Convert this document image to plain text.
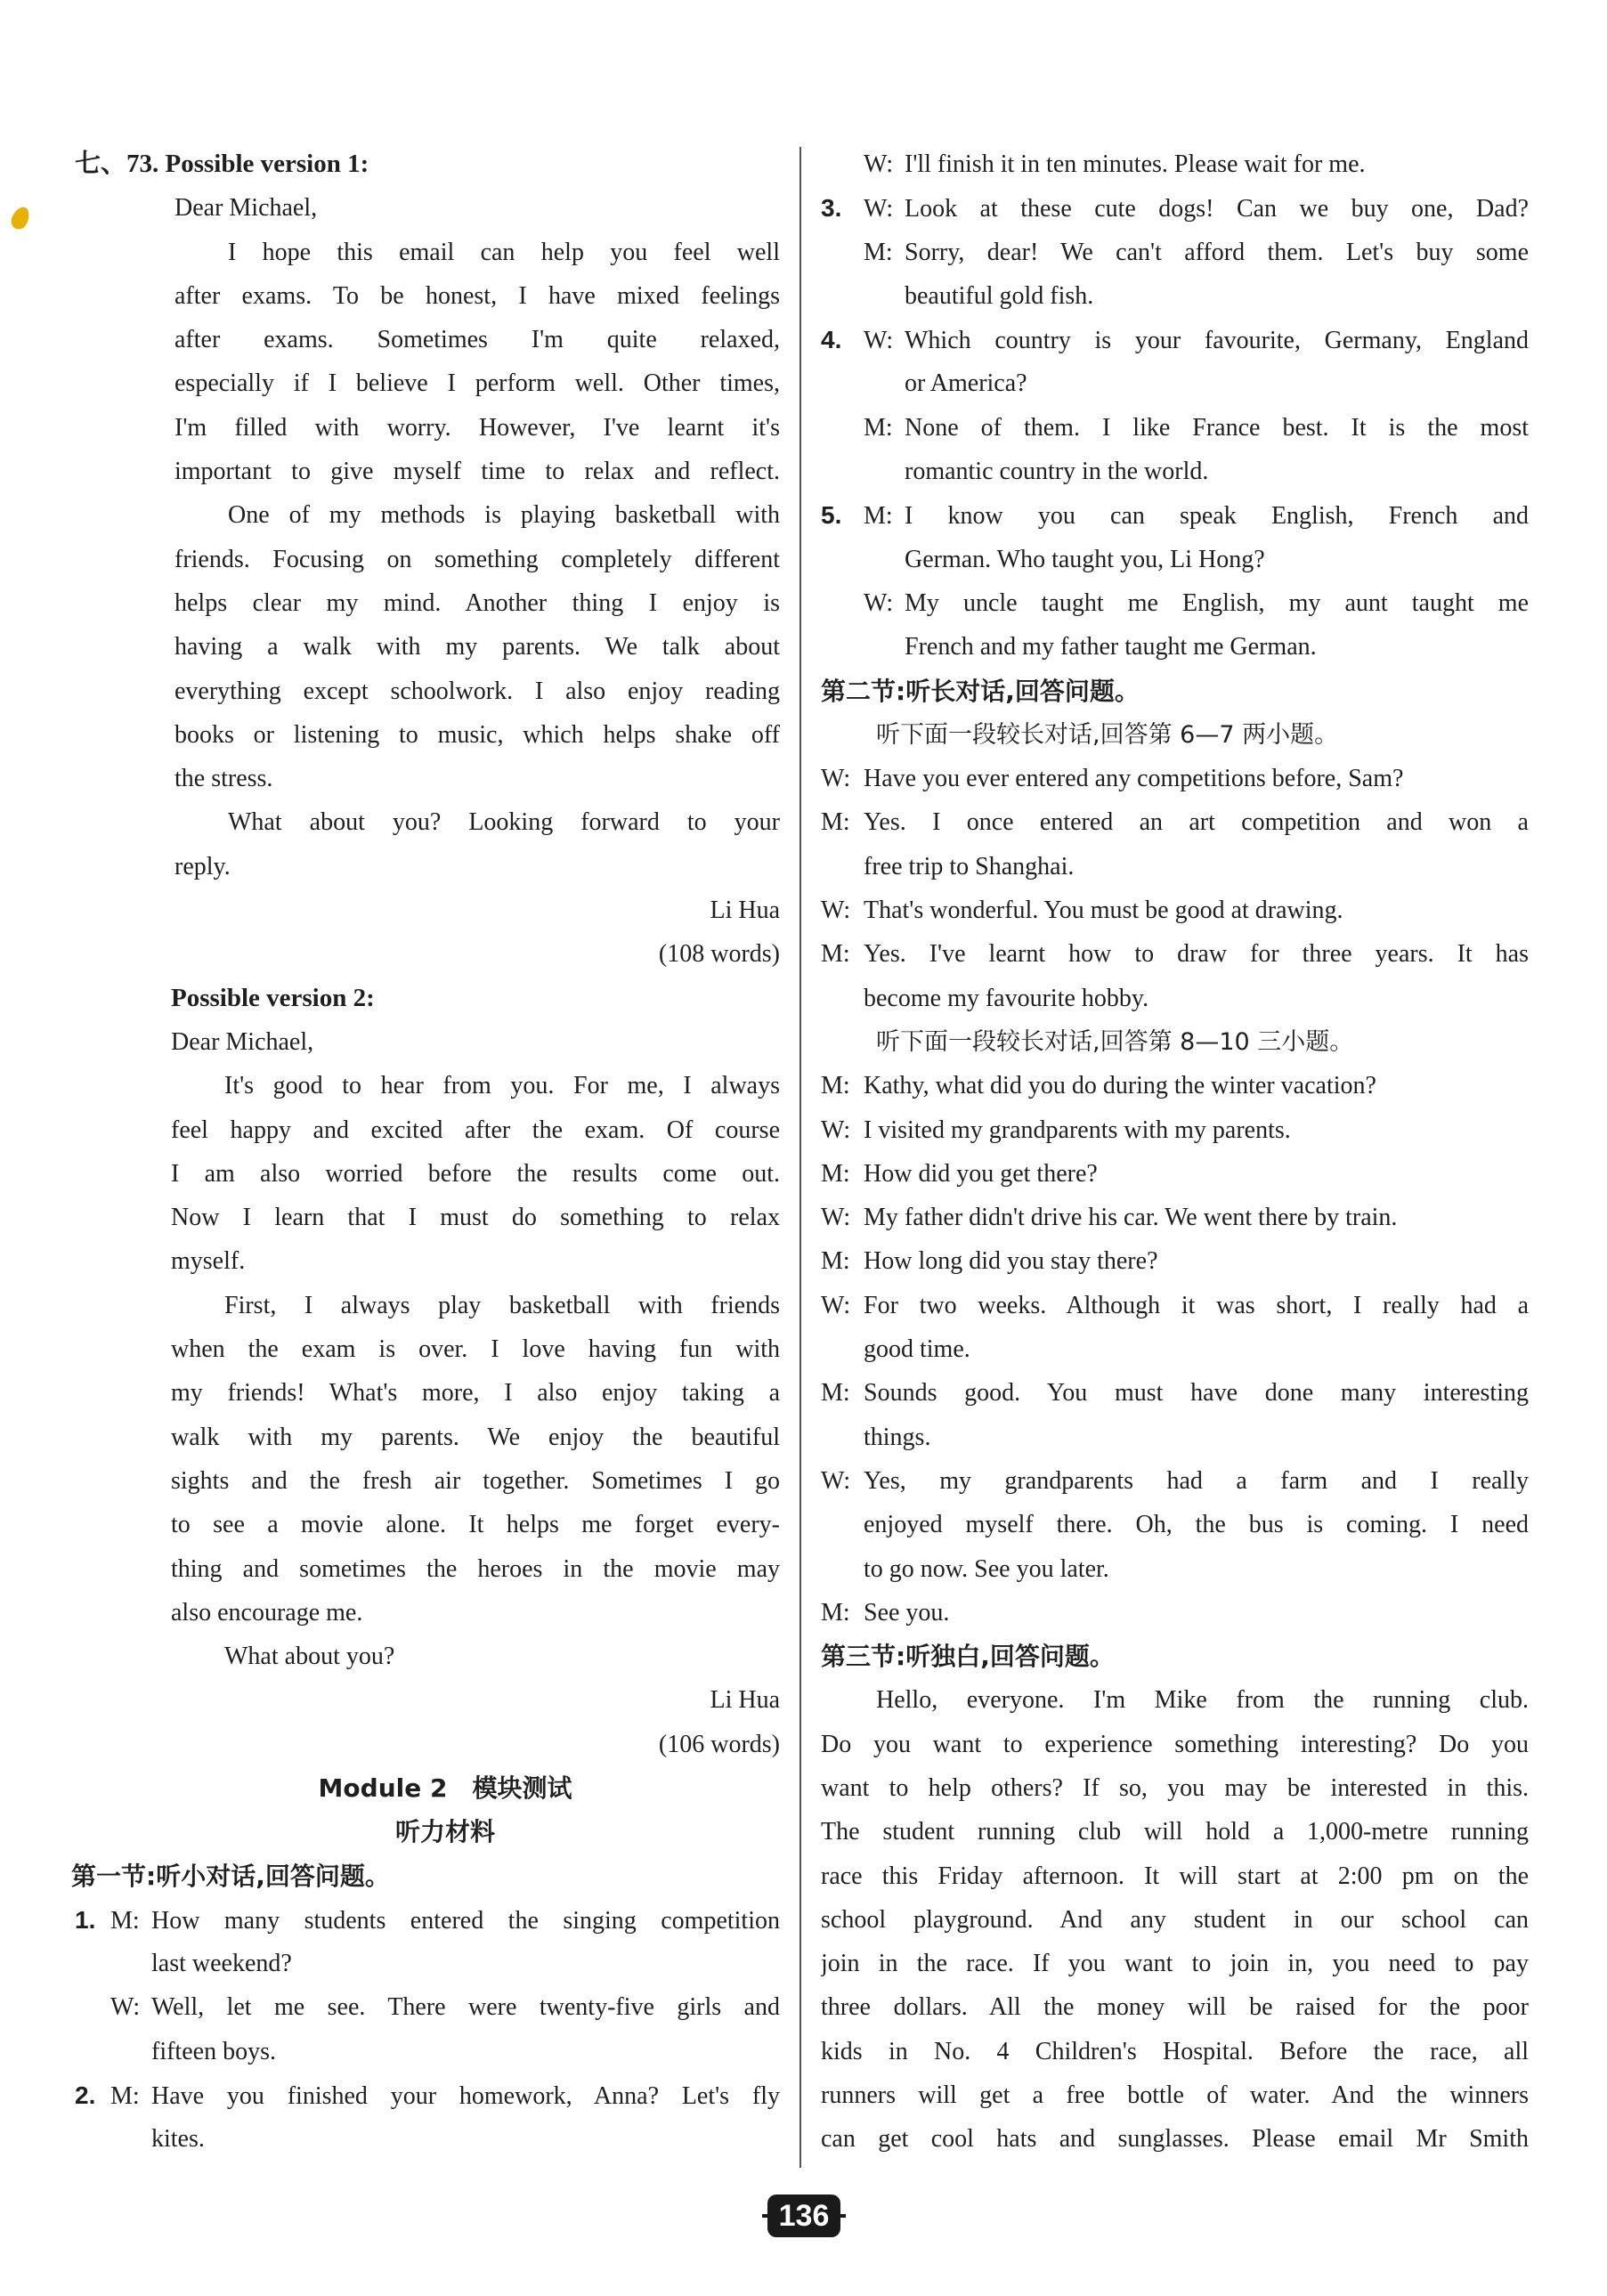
七、73. Possible version 1:
Dear Michael,
I hope this email can help you feel well
after exams. To be honest, I have mixed feelings
after exams. Sometimes I'm quite relaxed,
especially if I believe I perform well. Other times,
I'm filled with worry. However, I've learnt it's
important to give myself time to relax and reflect.
One of my methods is playing basketball with
friends. Focusing on something completely different
helps clear my mind. Another thing I enjoy is
having a walk with my parents. We talk about
everything except schoolwork. I also enjoy reading
books or listening to music, which helps shake off
the stress.
What about you? Looking forward to your
reply.
Li Hua
(108 words)
Possible version 2:
Dear Michael,
It's good to hear from you. For me, I always
feel happy and excited after the exam. Of course
I am also worried before the results come out.
Now I learn that I must do something to relax
myself.
First, I always play basketball with friends
when the exam is over. I love having fun with
my friends! What's more, I also enjoy taking a
walk with my parents. We enjoy the beautiful
sights and the fresh air together. Sometimes I go
to see a movie alone. It helps me forget every-
thing and sometimes the heroes in the movie may
also encourage me.
What about you?
Li Hua
(106 words)
Module 2　模块测试
听力材料
第一节:听小对话,回答问题。
1. M: How many students entered the singing competition
last weekend?
W: Well, let me see. There were twenty-five girls and
fifteen boys.
2. M: Have you finished your homework, Anna? Let's fly
kites.
W: I'll finish it in ten minutes. Please wait for me.
3. W: Look at these cute dogs! Can we buy one, Dad?
M: Sorry, dear! We can't afford them. Let's buy some
beautiful gold fish.
4. W: Which country is your favourite, Germany, England
or America?
M: None of them. I like France best. It is the most
romantic country in the world.
5. M: I know you can speak English, French and
German. Who taught you, Li Hong?
W: My uncle taught me English, my aunt taught me
French and my father taught me German.
第二节:听长对话,回答问题。
听下面一段较长对话,回答第 6—7 两小题。
W: Have you ever entered any competitions before, Sam?
M: Yes. I once entered an art competition and won a
free trip to Shanghai.
W: That's wonderful. You must be good at drawing.
M: Yes. I've learnt how to draw for three years. It has
become my favourite hobby.
听下面一段较长对话,回答第 8—10 三小题。
M: Kathy, what did you do during the winter vacation?
W: I visited my grandparents with my parents.
M: How did you get there?
W: My father didn't drive his car. We went there by train.
M: How long did you stay there?
W: For two weeks. Although it was short, I really had a
good time.
M: Sounds good. You must have done many interesting
things.
W: Yes, my grandparents had a farm and I really
enjoyed myself there. Oh, the bus is coming. I need
to go now. See you later.
M: See you.
第三节:听独白,回答问题。
Hello, everyone. I'm Mike from the running club.
Do you want to experience something interesting? Do you
want to help others? If so, you may be interested in this.
The student running club will hold a 1,000-metre running
race this Friday afternoon. It will start at 2:00 pm on the
school playground. And any student in our school can
join in the race. If you want to join in, you need to pay
three dollars. All the money will be raised for the poor
kids in No. 4 Children's Hospital. Before the race, all
runners will get a free bottle of water. And the winners
can get cool hats and sunglasses. Please email Mr Smith
136
